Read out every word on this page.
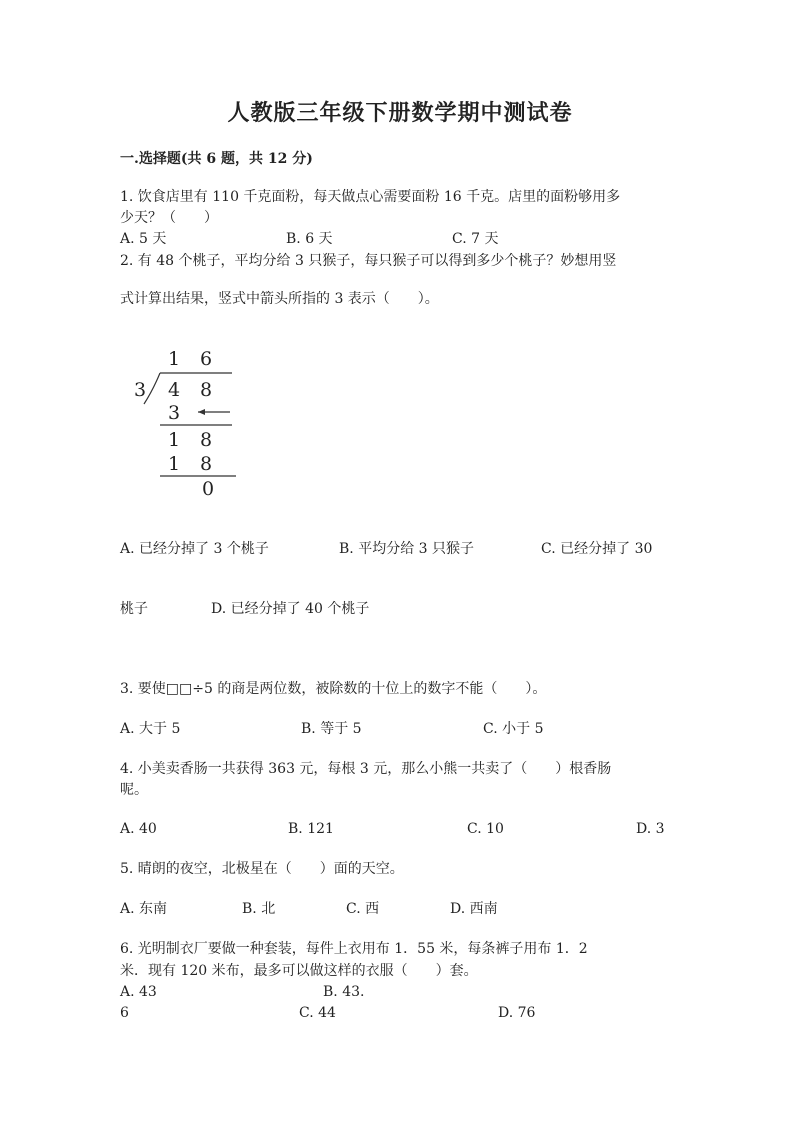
人教版三年级下册数学期中测试卷
一.选择题(共 6 题，共 12 分)
1. 饮食店里有 110 千克面粉，每天做点心需要面粉 16 千克。店里的面粉够用多
少天？（　　）
A. 5 天	B. 6 天	C. 7 天
2. 有 48 个桃子，平均分给 3 只猴子，每只猴子可以得到多少个桃子？妙想用竖
式计算出结果，竖式中箭头所指的 3 表示（　　）。
1 6
3 4 8
3
1 8
1 8
0
A. 已经分掉了 3 个桃子	B. 平均分给 3 只猴子	C. 已经分掉了 30
桃子	D. 已经分掉了 40 个桃子
3. 要使□□÷5 的商是两位数，被除数的十位上的数字不能（　　）。
A. 大于 5	B. 等于 5	C. 小于 5
4. 小美卖香肠一共获得 363 元，每根 3 元，那么小熊一共卖了（　　）根香肠
呢。
A. 40	B. 121	C. 10	D. 3
5. 晴朗的夜空，北极星在（　　）面的天空。
A. 东南	B. 北	C. 西	D. 西南
6. 光明制衣厂要做一种套装，每件上衣用布 1．55 米，每条裤子用布 1．2
米．现有 120 米布，最多可以做这样的衣服（　　）套。
A. 43	B. 43.
6	C. 44	D. 76
